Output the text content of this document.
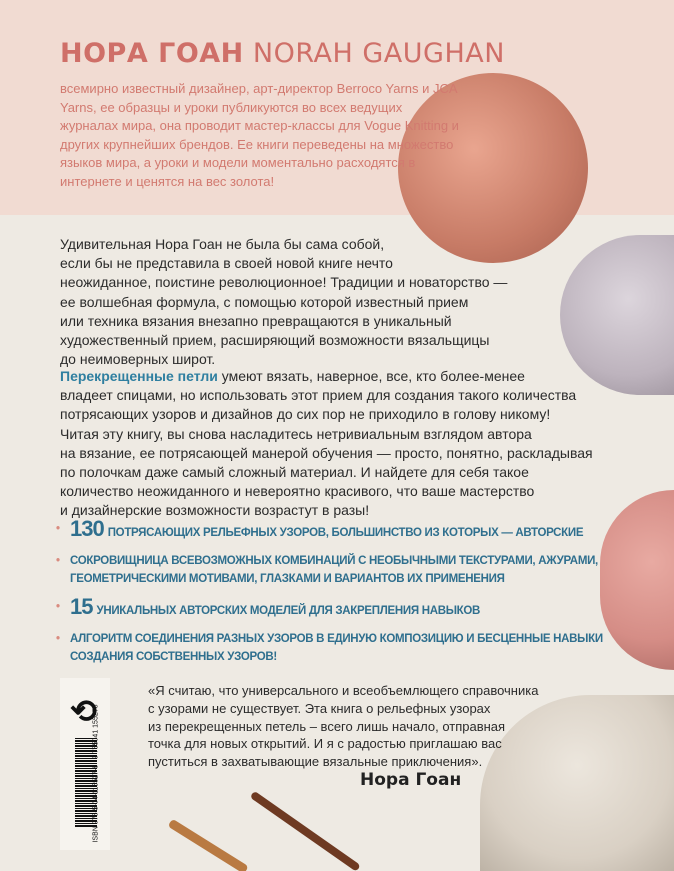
НОРА ГОАН NORAH GAUGHAN
всемирно известный дизайнер, арт-директор Berroco Yarns и JCA Yarns, ее образцы и уроки публикуются во всех ведущих журналах мира, она проводит мастер-классы для Vogue Knitting и других крупнейших брендов. Ее книги переведены на множество языков мира, а уроки и модели моментально расходятся в интернете и ценятся на вес золота!
Удивительная Нора Гоан не была бы сама собой,
если бы не представила в своей новой книге нечто
неожиданное, поистине революционное! Традиции и новаторство —
ее волшебная формула, с помощью которой известный прием
или техника вязания внезапно превращаются в уникальный
художественный прием, расширяющий возможности вязальщицы
до неимоверных широт.
Перекрещенные петли умеют вязать, наверное, все, кто более-менее
владеет спицами, но использовать этот прием для создания такого количества
потрясающих узоров и дизайнов до сих пор не приходило в голову никому!
Читая эту книгу, вы снова насладитесь нетривиальным взглядом автора
на вязание, ее потрясающей манерой обучения — просто, понятно, раскладывая
по полочкам даже самый сложный материал. И найдете для себя такое
количество неожиданного и невероятно красивого, что ваше мастерство
и дизайнерские возможности возрастут в разы!
• 130 ПОТРЯСАЮЩИХ РЕЛЬЕФНЫХ УЗОРОВ, БОЛЬШИНСТВО ИЗ КОТОРЫХ — АВТОРСКИЕ
• СОКРОВИЩНИЦА ВСЕВОЗМОЖНЫХ КОМБИНАЦИЙ С НЕОБЫЧНЫМИ ТЕКСТУРАМИ, АЖУРАМИ, ГЕОМЕТРИЧЕСКИМИ МОТИВАМИ, ГЛАЗКАМИ И ВАРИАНТОВ ИХ ПРИМЕНЕНИЯ
• 15 УНИКАЛЬНЫХ АВТОРСКИХ МОДЕЛЕЙ ДЛЯ ЗАКРЕПЛЕНИЯ НАВЫКОВ
• АЛГОРИТМ СОЕДИНЕНИЯ РАЗНЫХ УЗОРОВ В ЕДИНУЮ КОМПОЗИЦИЮ И БЕСЦЕННЫЕ НАВЫКИ СОЗДАНИЯ СОБСТВЕННЫХ УЗОРОВ!
⟲
ISBN 978-5-04-115527-8   9 785041 155278
«Я считаю, что универсального и всеобъемлющего справочника
с узорами не существует. Эта книга о рельефных узорах
из перекрещенных петель – всего лишь начало, отправная
точка для новых открытий. И я с радостью приглашаю вас
пуститься в захватывающие вязальные приключения».
Нора Гоан
